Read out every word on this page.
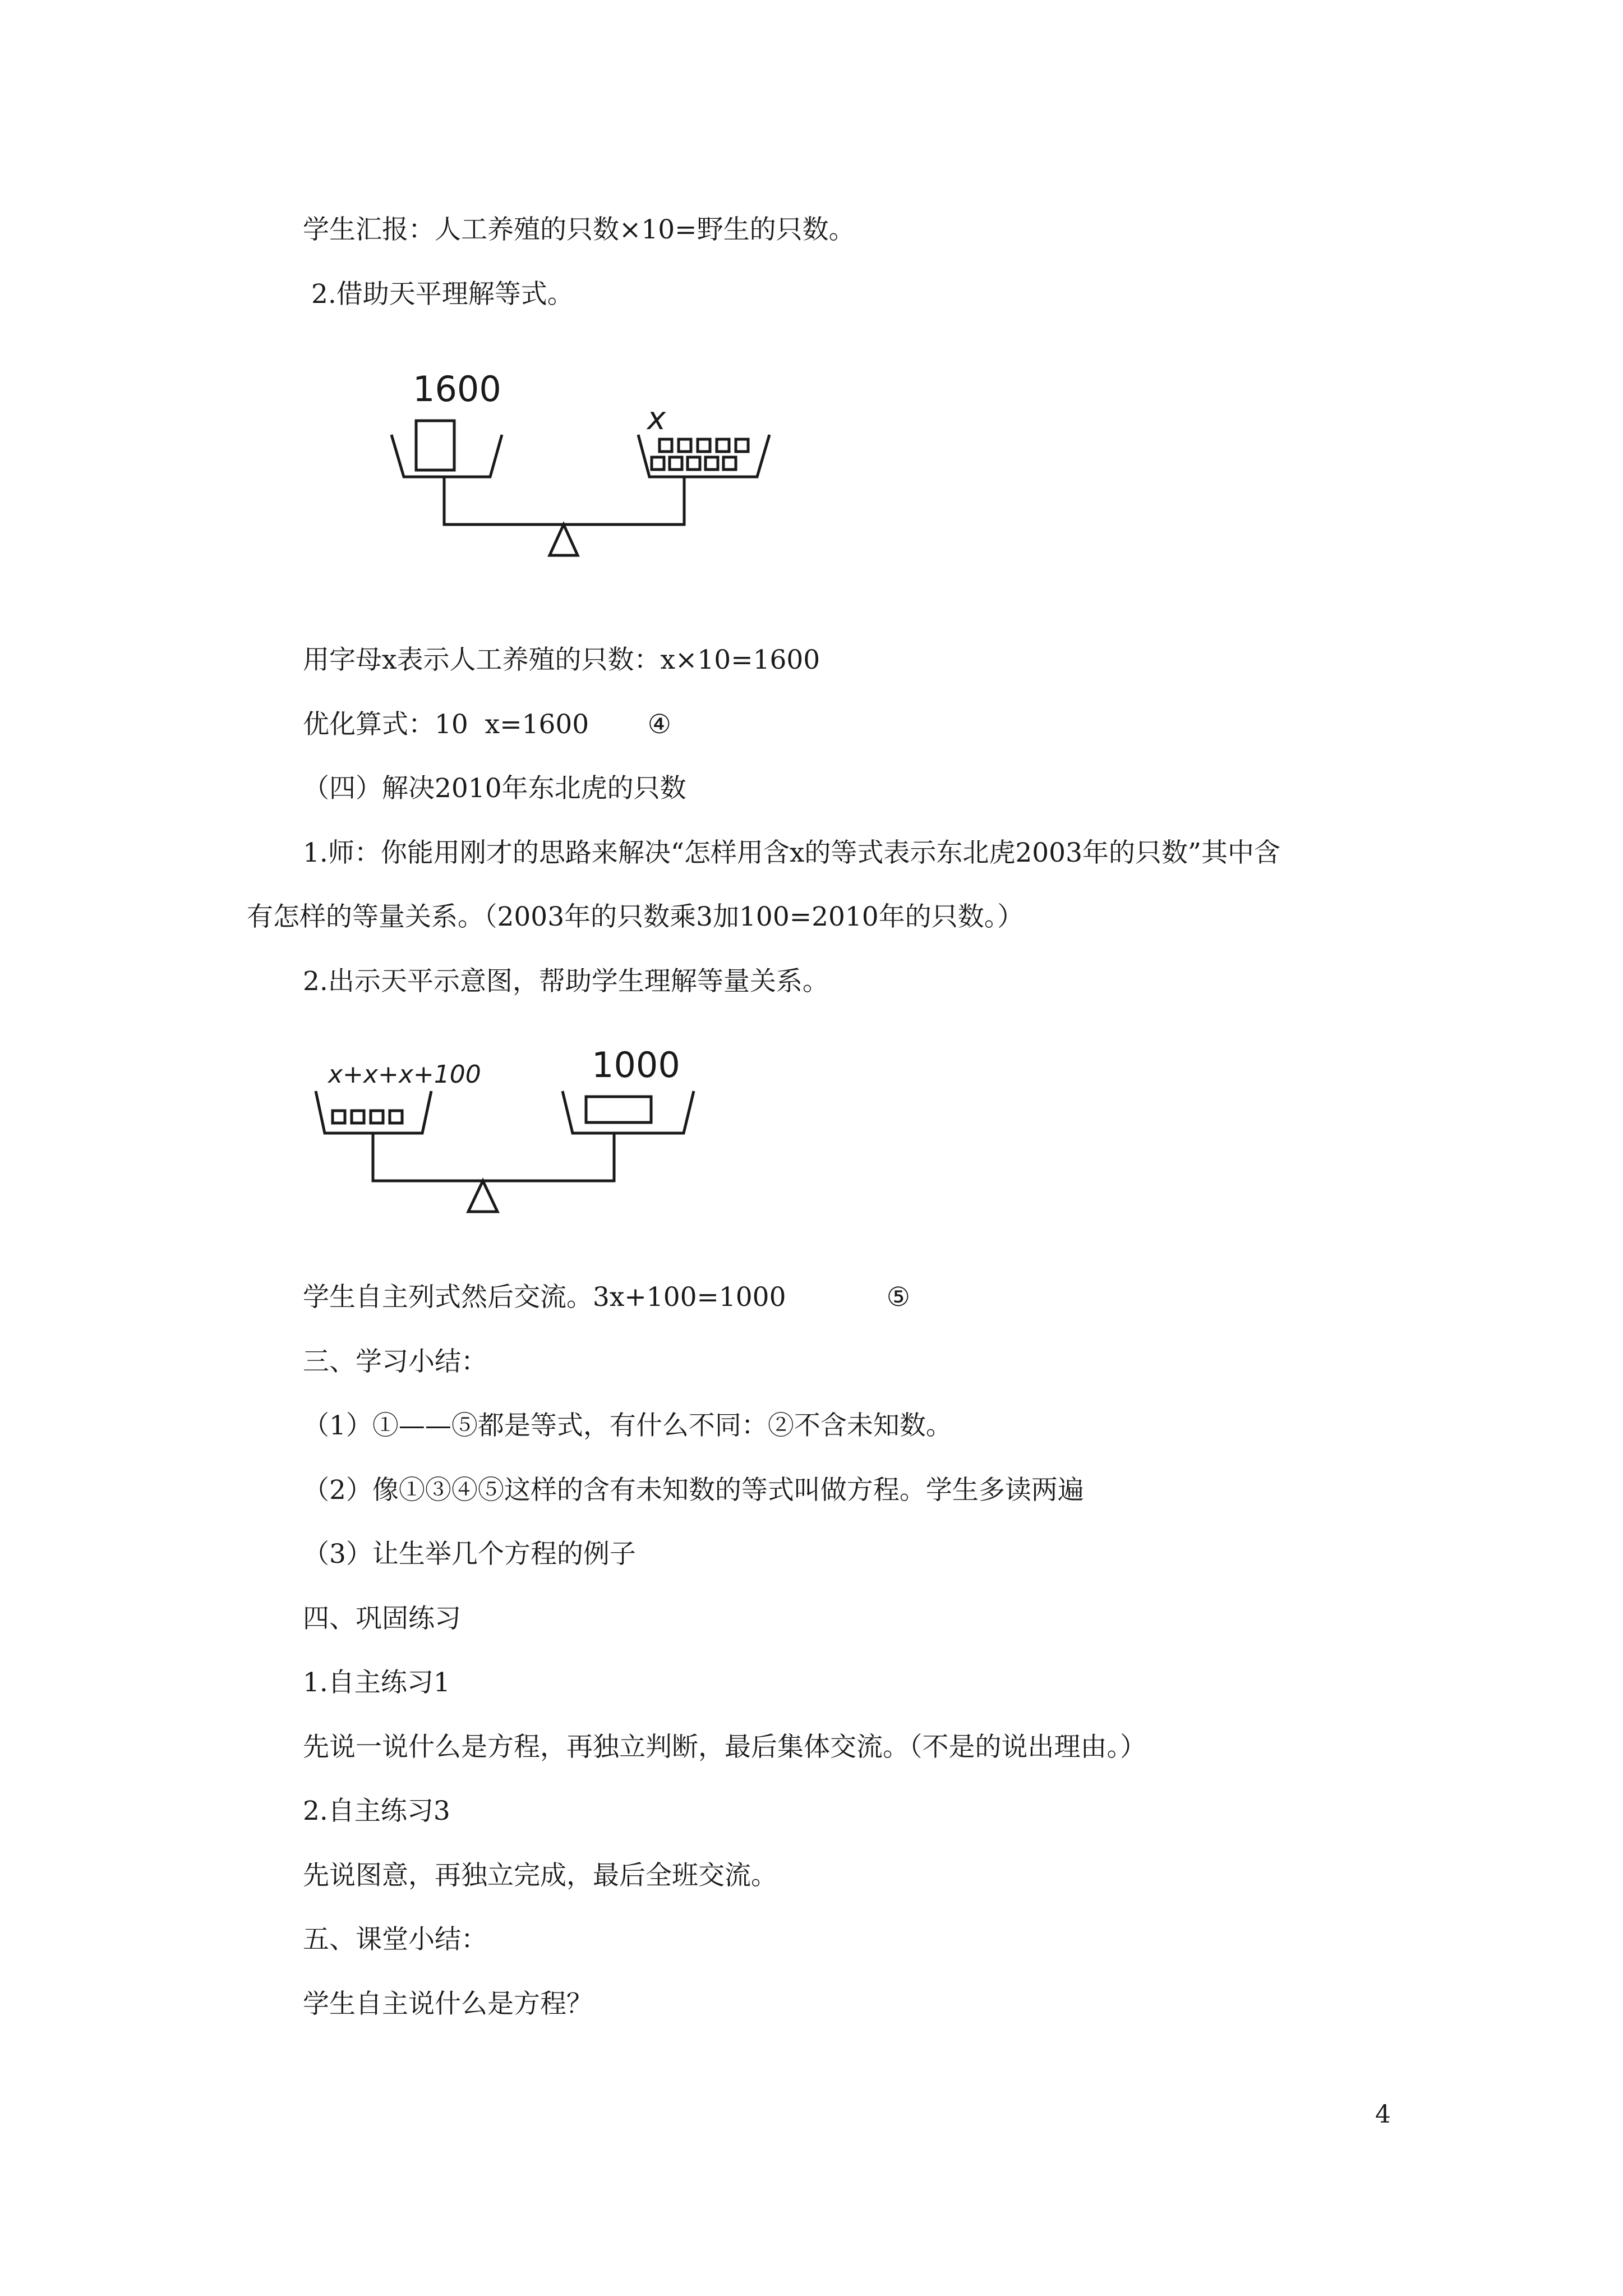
学生汇报：人工养殖的只数×10=野生的只数。

2.借助天平理解等式。

1600
x

用字母x表示人工养殖的只数：x×10=1600

优化算式：10  x=1600       ④

（四）解决2010年东北虎的只数

1.师：你能用刚才的思路来解决“怎样用含x的等式表示东北虎2003年的只数”其中含

有怎样的等量关系。（2003年的只数乘3加100=2010年的只数。）

2.出示天平示意图，帮助学生理解等量关系。

x+x+x+100	1000

学生自主列式然后交流。3x+100=1000            ⑤

三、学习小结：

（1）①——⑤都是等式，有什么不同：②不含未知数。

（2）像①③④⑤这样的含有未知数的等式叫做方程。学生多读两遍

（3）让生举几个方程的例子

四、巩固练习

1.自主练习1

先说一说什么是方程，再独立判断，最后集体交流。（不是的说出理由。）

2.自主练习3

先说图意，再独立完成，最后全班交流。

五、课堂小结：

学生自主说什么是方程？

4
